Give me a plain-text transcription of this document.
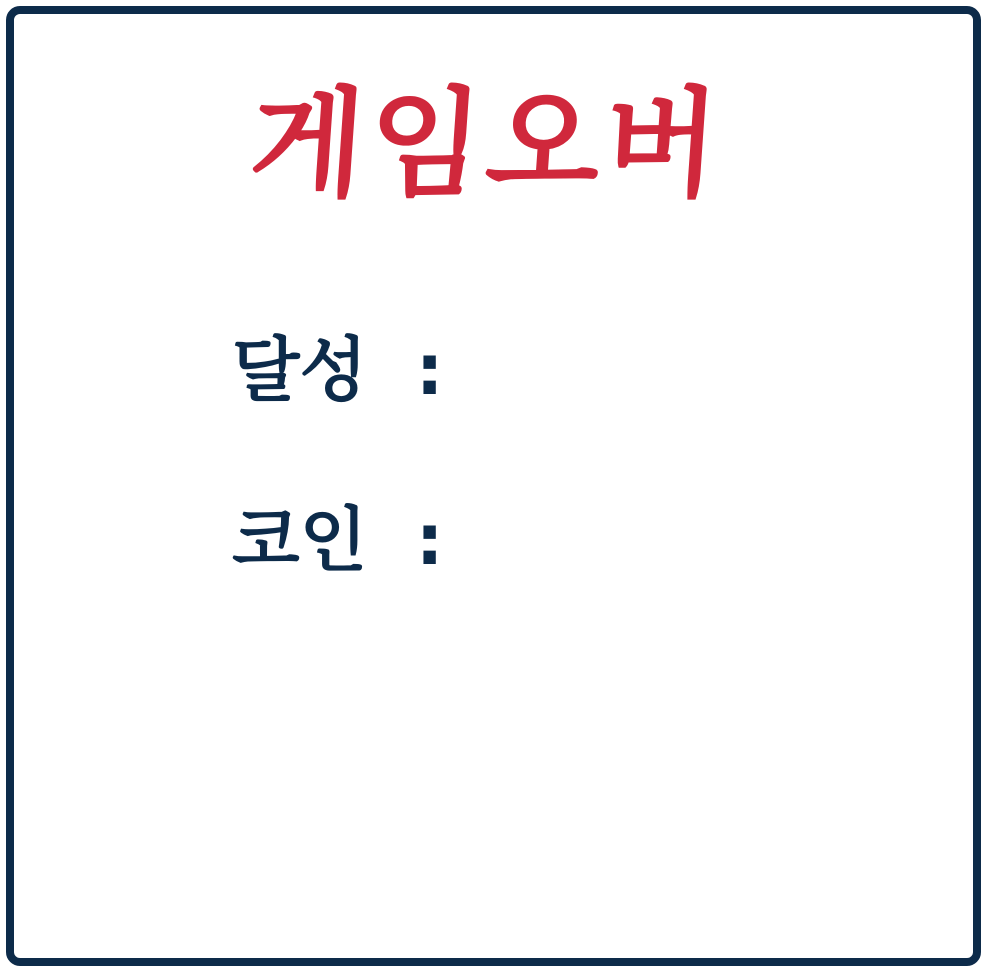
게임오버
달성 :
코인 :
